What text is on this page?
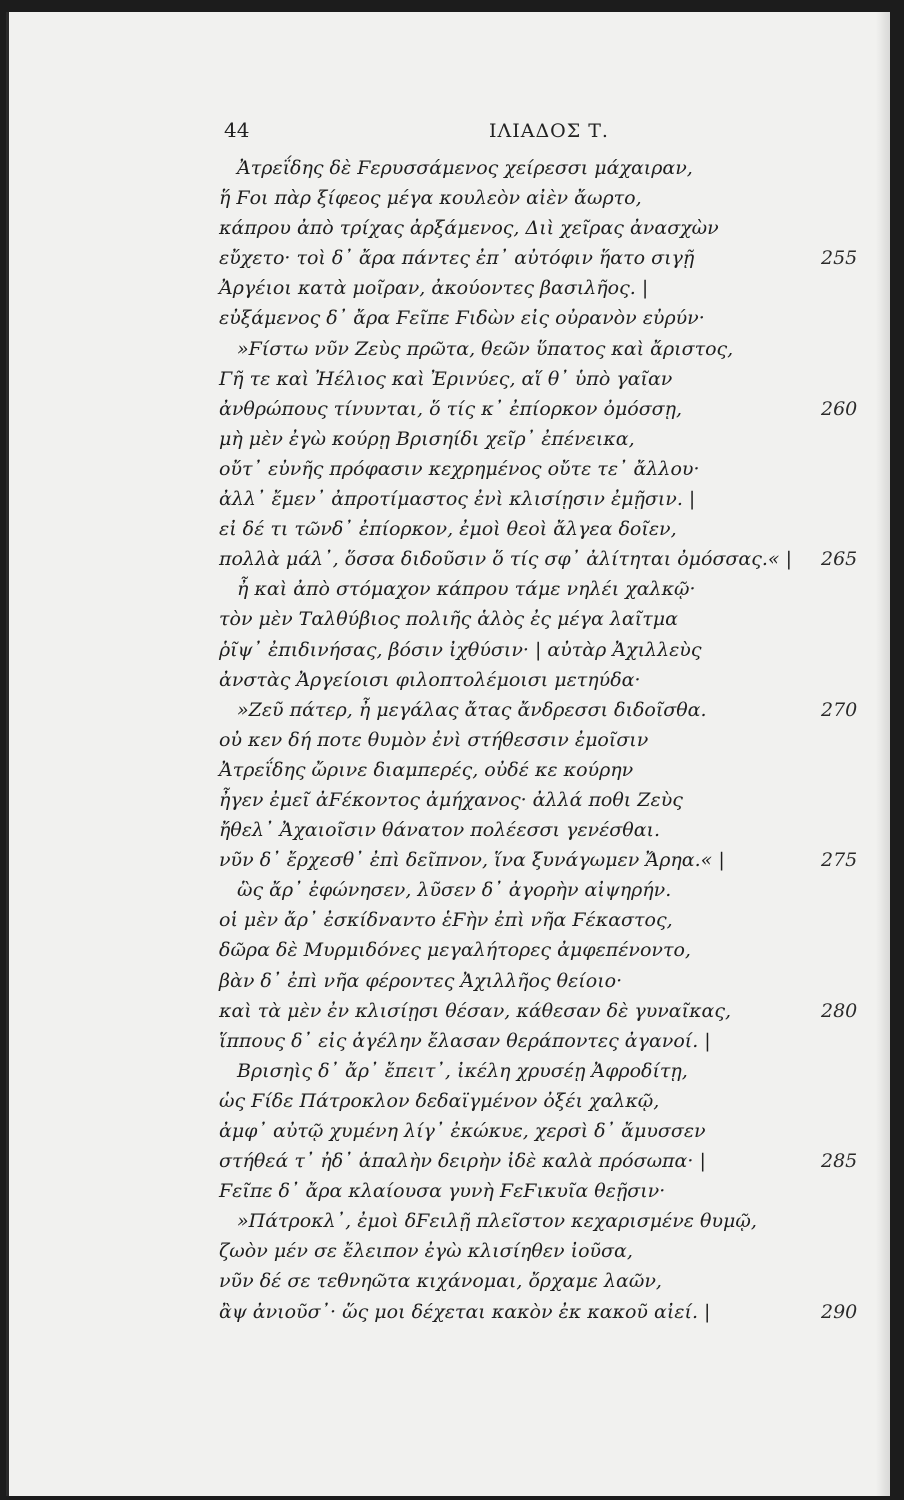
44	ΙΛΙΑΔΟΣ Τ.
Ἀτρεΐδης δὲ Ϝερυσσάμενος χείρεσσι μάχαιραν,
ἥ Ϝοι πὰρ ξίφεος μέγα κουλεὸν αἰὲν ἄωρτο,
κάπρου ἀπὸ τρίχας ἀρξάμενος, Διὶ χεῖρας ἀνασχὼν
εὔχετο· τοὶ δ᾽ ἄρα πάντες ἐπ᾽ αὐτόφιν ἥατο σιγῇ	255
Ἀργέιοι κατὰ μοῖραν, ἀκούοντες βασιλῆος. |
εὐξάμενος δ᾽ ἄρα Ϝεῖπε Ϝιδὼν εἰς οὐρανὸν εὐρύν·
»Ϝίστω νῦν Ζεὺς πρῶτα, θεῶν ὕπατος καὶ ἄριστος,
Γῆ τε καὶ Ἠέλιος καὶ Ἐρινύες, αἵ θ᾽ ὑπὸ γαῖαν
ἀνθρώπους τίνυνται, ὅ τίς κ᾽ ἐπίορκον ὀμόσσῃ,	260
μὴ μὲν ἐγὼ κούρῃ Βρισηίδι χεῖρ᾽ ἐπένεικα,
οὔτ᾽ εὐνῆς πρόφασιν κεχρημένος οὔτε τε᾽ ἄλλου·
ἀλλ᾽ ἔμεν᾽ ἀπροτίμαστος ἐνὶ κλισίῃσιν ἐμῇσιν. |
εἰ δέ τι τῶνδ᾽ ἐπίορκον, ἐμοὶ θεοὶ ἄλγεα δοῖεν,
πολλὰ μάλ᾽, ὅσσα διδοῦσιν ὅ τίς σφ᾽ ἀλίτηται ὀμόσσας.« | 265
ἦ καὶ ἀπὸ στόμαχον κάπρου τάμε νηλέι χαλκῷ·
τὸν μὲν Ταλθύβιος πολιῆς ἁλὸς ἐς μέγα λαῖτμα
ῥῖψ᾽ ἐπιδινήσας, βόσιν ἰχθύσιν· | αὐτὰρ Ἀχιλλεὺς
ἀνστὰς Ἀργείοισι φιλοπτολέμοισι μετηύδα·
»Ζεῦ πάτερ, ἦ μεγάλας ἄτας ἄνδρεσσι διδοῖσθα.	270
οὐ κεν δή ποτε θυμὸν ἐνὶ στήθεσσιν ἐμοῖσιν
Ἀτρεΐδης ὤρινε διαμπερές, οὐδέ κε κούρην
ἦγεν ἐμεῖ ἀϜέκοντος ἀμήχανος· ἀλλά ποθι Ζεὺς
ἤθελ᾽ Ἀχαιοῖσιν θάνατον πολέεσσι γενέσθαι.
νῦν δ᾽ ἔρχεσθ᾽ ἐπὶ δεῖπνον, ἵνα ξυνάγωμεν Ἄρηα.« |	275
ὣς ἄρ᾽ ἐφώνησεν, λῦσεν δ᾽ ἀγορὴν αἰψηρήν.
οἱ μὲν ἄρ᾽ ἐσκίδναντο ἑϜὴν ἐπὶ νῆα Ϝέκαστος,
δῶρα δὲ Μυρμιδόνες μεγαλήτορες ἀμφεπένοντο,
βὰν δ᾽ ἐπὶ νῆα φέροντες Ἀχιλλῆος θείοιο·
καὶ τὰ μὲν ἐν κλισίῃσι θέσαν, κάθεσαν δὲ γυναῖκας,	280
ἵππους δ᾽ εἰς ἀγέλην ἔλασαν θεράποντες ἀγανοί. |
Βρισηὶς δ᾽ ἄρ᾽ ἔπειτ᾽, ἰκέλη χρυσέῃ Ἀφροδίτῃ,
ὡς Ϝίδε Πάτροκλον δεδαϊγμένον ὀξέι χαλκῷ,
ἀμφ᾽ αὐτῷ χυμένη λίγ᾽ ἐκώκυε, χερσὶ δ᾽ ἄμυσσεν
στήθεά τ᾽ ἠδ᾽ ἁπαλὴν δειρὴν ἰδὲ καλὰ πρόσωπα· |	285
Ϝεῖπε δ᾽ ἄρα κλαίουσα γυνὴ ϜεϜικυῖα θεῇσιν·
»Πάτροκλ᾽, ἐμοὶ δϜειλῇ πλεῖστον κεχαρισμένε θυμῷ,
ζωὸν μέν σε ἔλειπον ἐγὼ κλισίηθεν ἰοῦσα,
νῦν δέ σε τεθνηῶτα κιχάνομαι, ὄρχαμε λαῶν,
ἂψ ἀνιοῦσ᾽· ὥς μοι δέχεται κακὸν ἐκ κακοῦ αἰεί. |	290
